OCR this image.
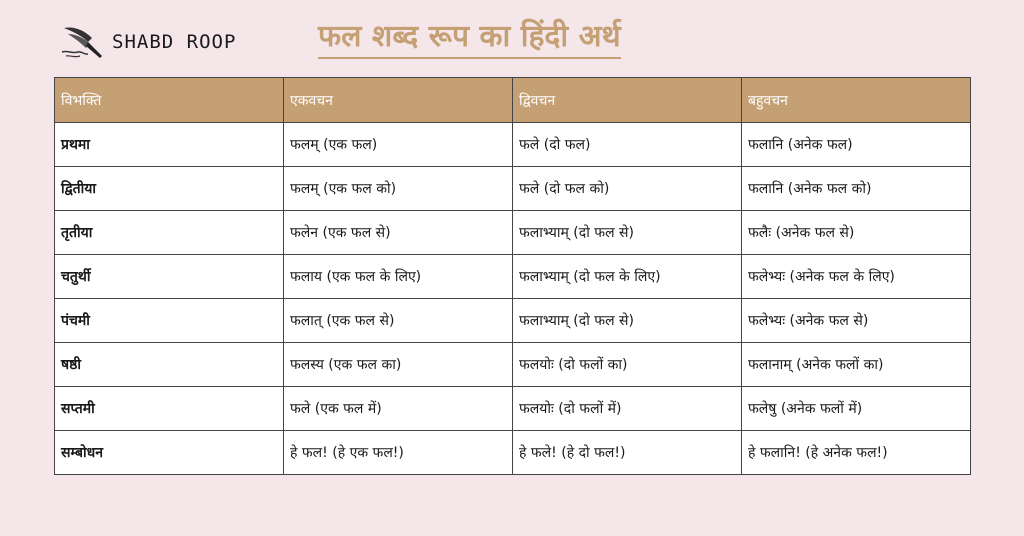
SHABD ROOP	फल शब्द रूप का हिंदी अर्थ
विभक्ति	एकवचन	द्विवचन	बहुवचन
प्रथमा	फलम् (एक फल)	फले (दो फल)	फलानि (अनेक फल)
द्वितीया	फलम् (एक फल को)	फले (दो फल को)	फलानि (अनेक फल को)
तृतीया	फलेन (एक फल से)	फलाभ्याम् (दो फल से)	फलैः (अनेक फल से)
चतुर्थी	फलाय (एक फल के लिए)	फलाभ्याम् (दो फल के लिए)	फलेभ्यः (अनेक फल के लिए)
पंचमी	फलात् (एक फल से)	फलाभ्याम् (दो फल से)	फलेभ्यः (अनेक फल से)
षष्ठी	फलस्य (एक फल का)	फलयोः (दो फलों का)	फलानाम् (अनेक फलों का)
सप्तमी	फले (एक फल में)	फलयोः (दो फलों में)	फलेषु (अनेक फलों में)
सम्बोधन	हे फल! (हे एक फल!)	हे फले! (हे दो फल!)	हे फलानि! (हे अनेक फल!)
